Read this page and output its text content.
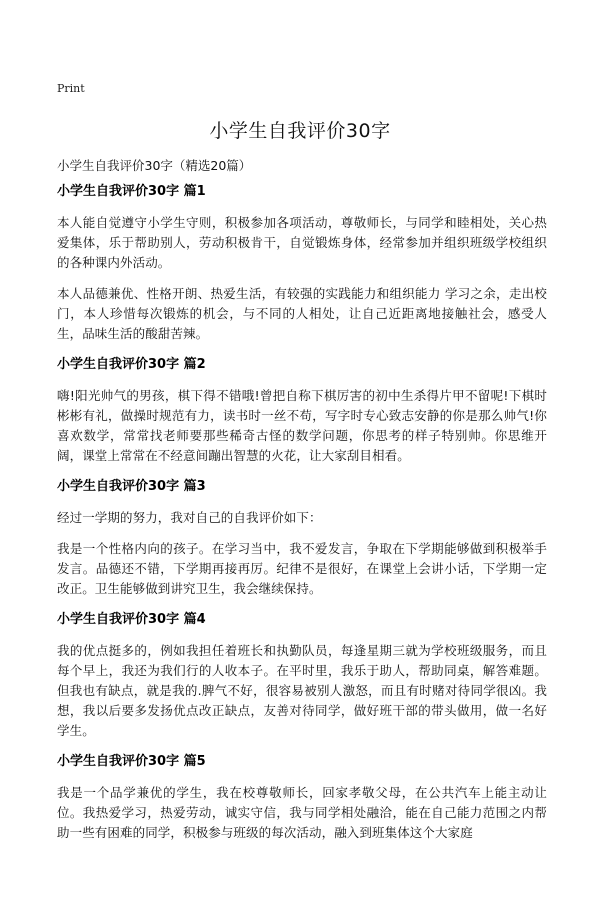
Print
小学生自我评价30字
小学生自我评价30字（精选20篇）
小学生自我评价30字 篇1

本人能自觉遵守小学生守则，积极参加各项活动，尊敬师长，与同学和睦相处，关心热爱集体，乐于帮助别人，劳动积极肯干，自觉锻炼身体，经常参加并组织班级学校组织的各种课内外活动。

本人品德兼优、性格开朗、热爱生活，有较强的实践能力和组织能力 学习之余，走出校门，本人珍惜每次锻炼的机会，与不同的人相处，让自己近距离地接触社会，感受人生，品味生活的酸甜苦辣。

小学生自我评价30字 篇2

嗨!阳光帅气的男孩，棋下得不错哦!曾把自称下棋厉害的初中生杀得片甲不留呢!下棋时彬彬有礼，做操时规范有力，读书时一丝不苟，写字时专心致志安静的你是那么帅气!你喜欢数学，常常找老师要那些稀奇古怪的数学问题，你思考的样子特别帅。你思维开阔，课堂上常常在不经意间蹦出智慧的火花，让大家刮目相看。

小学生自我评价30字 篇3

经过一学期的努力，我对自己的自我评价如下：

我是一个性格内向的孩子。在学习当中，我不爱发言，争取在下学期能够做到积极举手发言。品德还不错，下学期再接再厉。纪律不是很好，在课堂上会讲小话，下学期一定改正。卫生能够做到讲究卫生，我会继续保持。

小学生自我评价30字 篇4

我的优点挺多的，例如我担任着班长和执勤队员，每逢星期三就为学校班级服务，而且每个早上，我还为我们行的人收本子。在平时里，我乐于助人，帮助同桌，解答难题。但我也有缺点，就是我的.脾气不好，很容易被别人激怒，而且有时赌对待同学很凶。我想，我以后要多发扬优点改正缺点，友善对待同学，做好班干部的带头做用，做一名好学生。

小学生自我评价30字 篇5

我是一个品学兼优的学生，我在校尊敬师长，回家孝敬父母，在公共汽车上能主动让位。我热爱学习，热爱劳动，诚实守信，我与同学相处融洽，能在自己能力范围之内帮助一些有困难的同学，积极参与班级的每次活动，融入到班集体这个大家庭
